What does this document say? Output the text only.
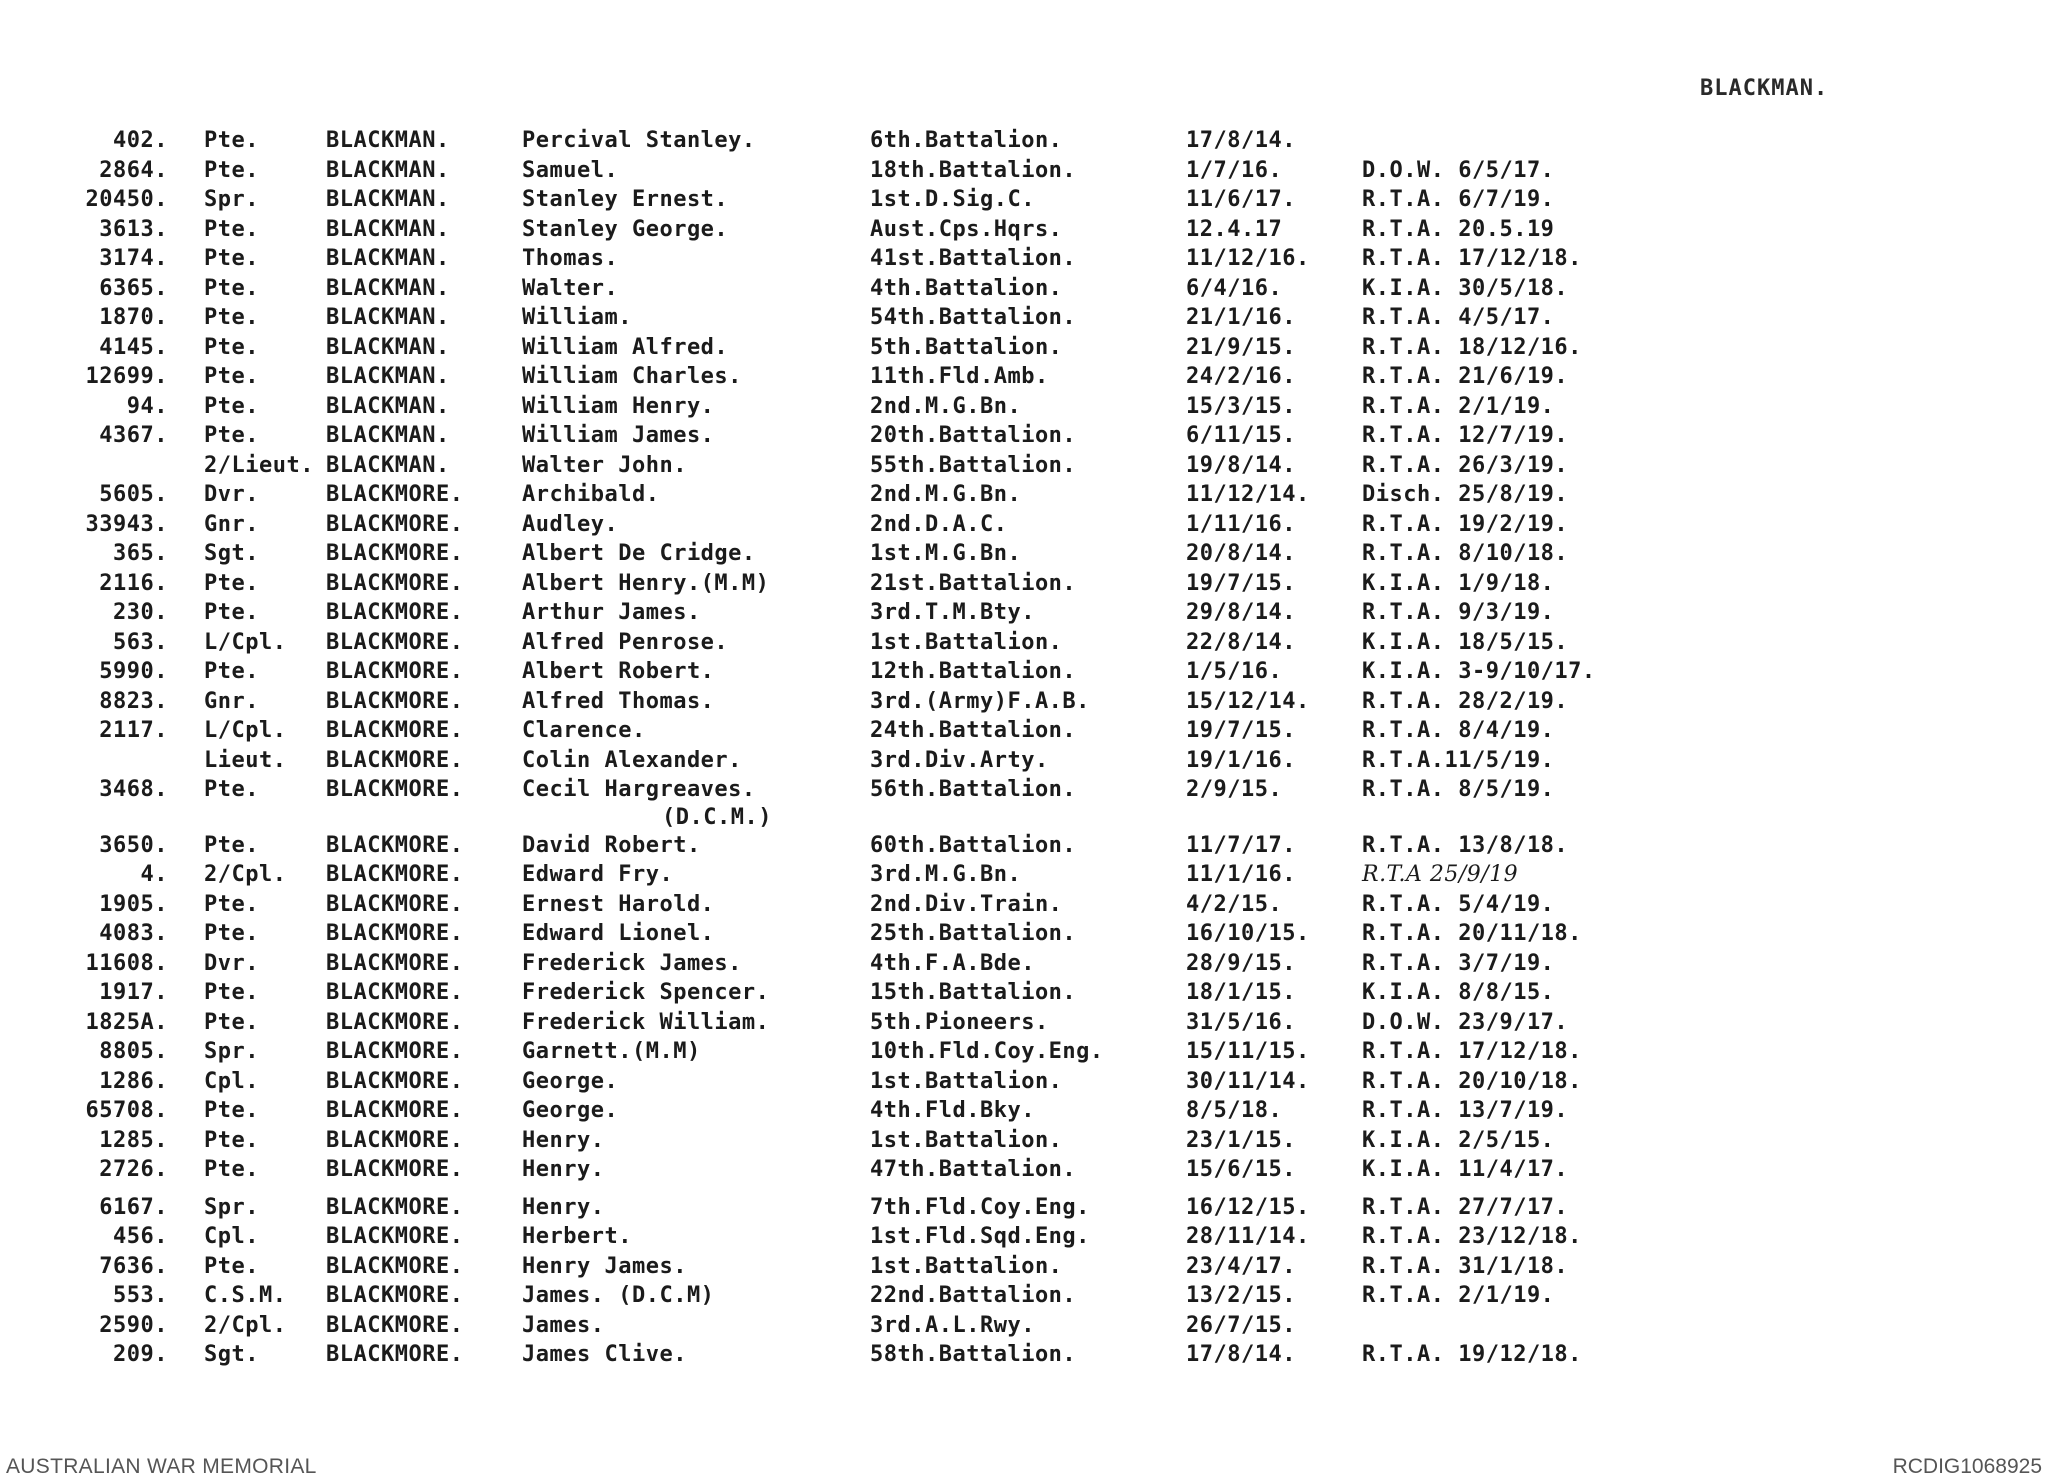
BLACKMAN.
402. Pte.	BLACKMAN.	Percival Stanley.	6th.Battalion.	17/8/14.
2864. Pte.	BLACKMAN.	Samuel.	18th.Battalion.	1/7/16.	D.O.W. 6/5/17.
20450. Spr.	BLACKMAN.	Stanley Ernest.	1st.D.Sig.C.	11/6/17.	R.T.A. 6/7/19.
3613. Pte.	BLACKMAN.	Stanley George.	Aust.Cps.Hqrs.	12.4.17	R.T.A. 20.5.19
3174. Pte.	BLACKMAN.	Thomas.	41st.Battalion.	11/12/16. R.T.A. 17/12/18.
6365. Pte.	BLACKMAN.	Walter.	4th.Battalion.	6/4/16.	K.I.A. 30/5/18.
1870. Pte.	BLACKMAN.	William.	54th.Battalion.	21/1/16.	R.T.A. 4/5/17.
4145. Pte.	BLACKMAN.	William Alfred.	5th.Battalion.	21/9/15.	R.T.A. 18/12/16.
12699. Pte.	BLACKMAN.	William Charles.	11th.Fld.Amb.	24/2/16.	R.T.A. 21/6/19.
94. Pte.	BLACKMAN.	William Henry.	2nd.M.G.Bn.	15/3/15.	R.T.A. 2/1/19.
4367. Pte.	BLACKMAN.	William James.	20th.Battalion.	6/11/15.	R.T.A. 12/7/19.
2/Lieut. BLACKMAN.	Walter John.	55th.Battalion.	19/8/14.	R.T.A. 26/3/19.
5605. Dvr.	BLACKMORE.	Archibald.	2nd.M.G.Bn.	11/12/14. Disch. 25/8/19.
33943. Gnr.	BLACKMORE.	Audley.	2nd.D.A.C.	1/11/16.	R.T.A. 19/2/19.
365. Sgt.	BLACKMORE.	Albert De Cridge.	1st.M.G.Bn.	20/8/14.	R.T.A. 8/10/18.
2116. Pte.	BLACKMORE.	Albert Henry.(M.M)	21st.Battalion.	19/7/15.	K.I.A. 1/9/18.
230. Pte.	BLACKMORE.	Arthur James.	3rd.T.M.Bty.	29/8/14.	R.T.A. 9/3/19.
563. L/Cpl. BLACKMORE.	Alfred Penrose.	1st.Battalion.	22/8/14.	K.I.A. 18/5/15.
5990. Pte.	BLACKMORE.	Albert Robert.	12th.Battalion.	1/5/16.	K.I.A. 3-9/10/17.
8823. Gnr.	BLACKMORE.	Alfred Thomas.	3rd.(Army)F.A.B.	15/12/14. R.T.A. 28/2/19.
2117. L/Cpl. BLACKMORE.	Clarence.	24th.Battalion.	19/7/15.	R.T.A. 8/4/19.
Lieut. BLACKMORE.	Colin Alexander.	3rd.Div.Arty.	19/1/16.	R.T.A.11/5/19.
3468. Pte.	BLACKMORE.	Cecil Hargreaves.	56th.Battalion.	2/9/15.	R.T.A. 8/5/19.
(D.C.M.)
3650. Pte.	BLACKMORE.	David Robert.	60th.Battalion.	11/7/17.	R.T.A. 13/8/18.
4. 2/Cpl. BLACKMORE.	Edward Fry.	3rd.M.G.Bn.	11/1/16.	R.T.A 25/9/19
1905. Pte.	BLACKMORE.	Ernest Harold.	2nd.Div.Train.	4/2/15.	R.T.A. 5/4/19.
4083. Pte.	BLACKMORE.	Edward Lionel.	25th.Battalion.	16/10/15. R.T.A. 20/11/18.
11608. Dvr.	BLACKMORE.	Frederick James.	4th.F.A.Bde.	28/9/15.	R.T.A. 3/7/19.
1917. Pte.	BLACKMORE.	Frederick Spencer.	15th.Battalion.	18/1/15.	K.I.A. 8/8/15.
1825A. Pte.	BLACKMORE.	Frederick William.	5th.Pioneers.	31/5/16.	D.O.W. 23/9/17.
8805. Spr.	BLACKMORE.	Garnett.(M.M)	10th.Fld.Coy.Eng.	15/11/15. R.T.A. 17/12/18.
1286. Cpl.	BLACKMORE.	George.	1st.Battalion.	30/11/14. R.T.A. 20/10/18.
65708. Pte.	BLACKMORE.	George.	4th.Fld.Bky.	8/5/18.	R.T.A. 13/7/19.
1285. Pte.	BLACKMORE.	Henry.	1st.Battalion.	23/1/15.	K.I.A. 2/5/15.
2726. Pte.	BLACKMORE.	Henry.	47th.Battalion.	15/6/15.	K.I.A. 11/4/17.
6167. Spr.	BLACKMORE.	Henry.	7th.Fld.Coy.Eng.	16/12/15. R.T.A. 27/7/17.
456. Cpl.	BLACKMORE.	Herbert.	1st.Fld.Sqd.Eng.	28/11/14. R.T.A. 23/12/18.
7636. Pte.	BLACKMORE.	Henry James.	1st.Battalion.	23/4/17.	R.T.A. 31/1/18.
553. C.S.M. BLACKMORE.	James. (D.C.M)	22nd.Battalion.	13/2/15.	R.T.A. 2/1/19.
2590. 2/Cpl. BLACKMORE.	James.	3rd.A.L.Rwy.	26/7/15.
209. Sgt.	BLACKMORE.	James Clive.	58th.Battalion.	17/8/14.	R.T.A. 19/12/18.
AUSTRALIAN WAR MEMORIAL	RCDIG1068925
